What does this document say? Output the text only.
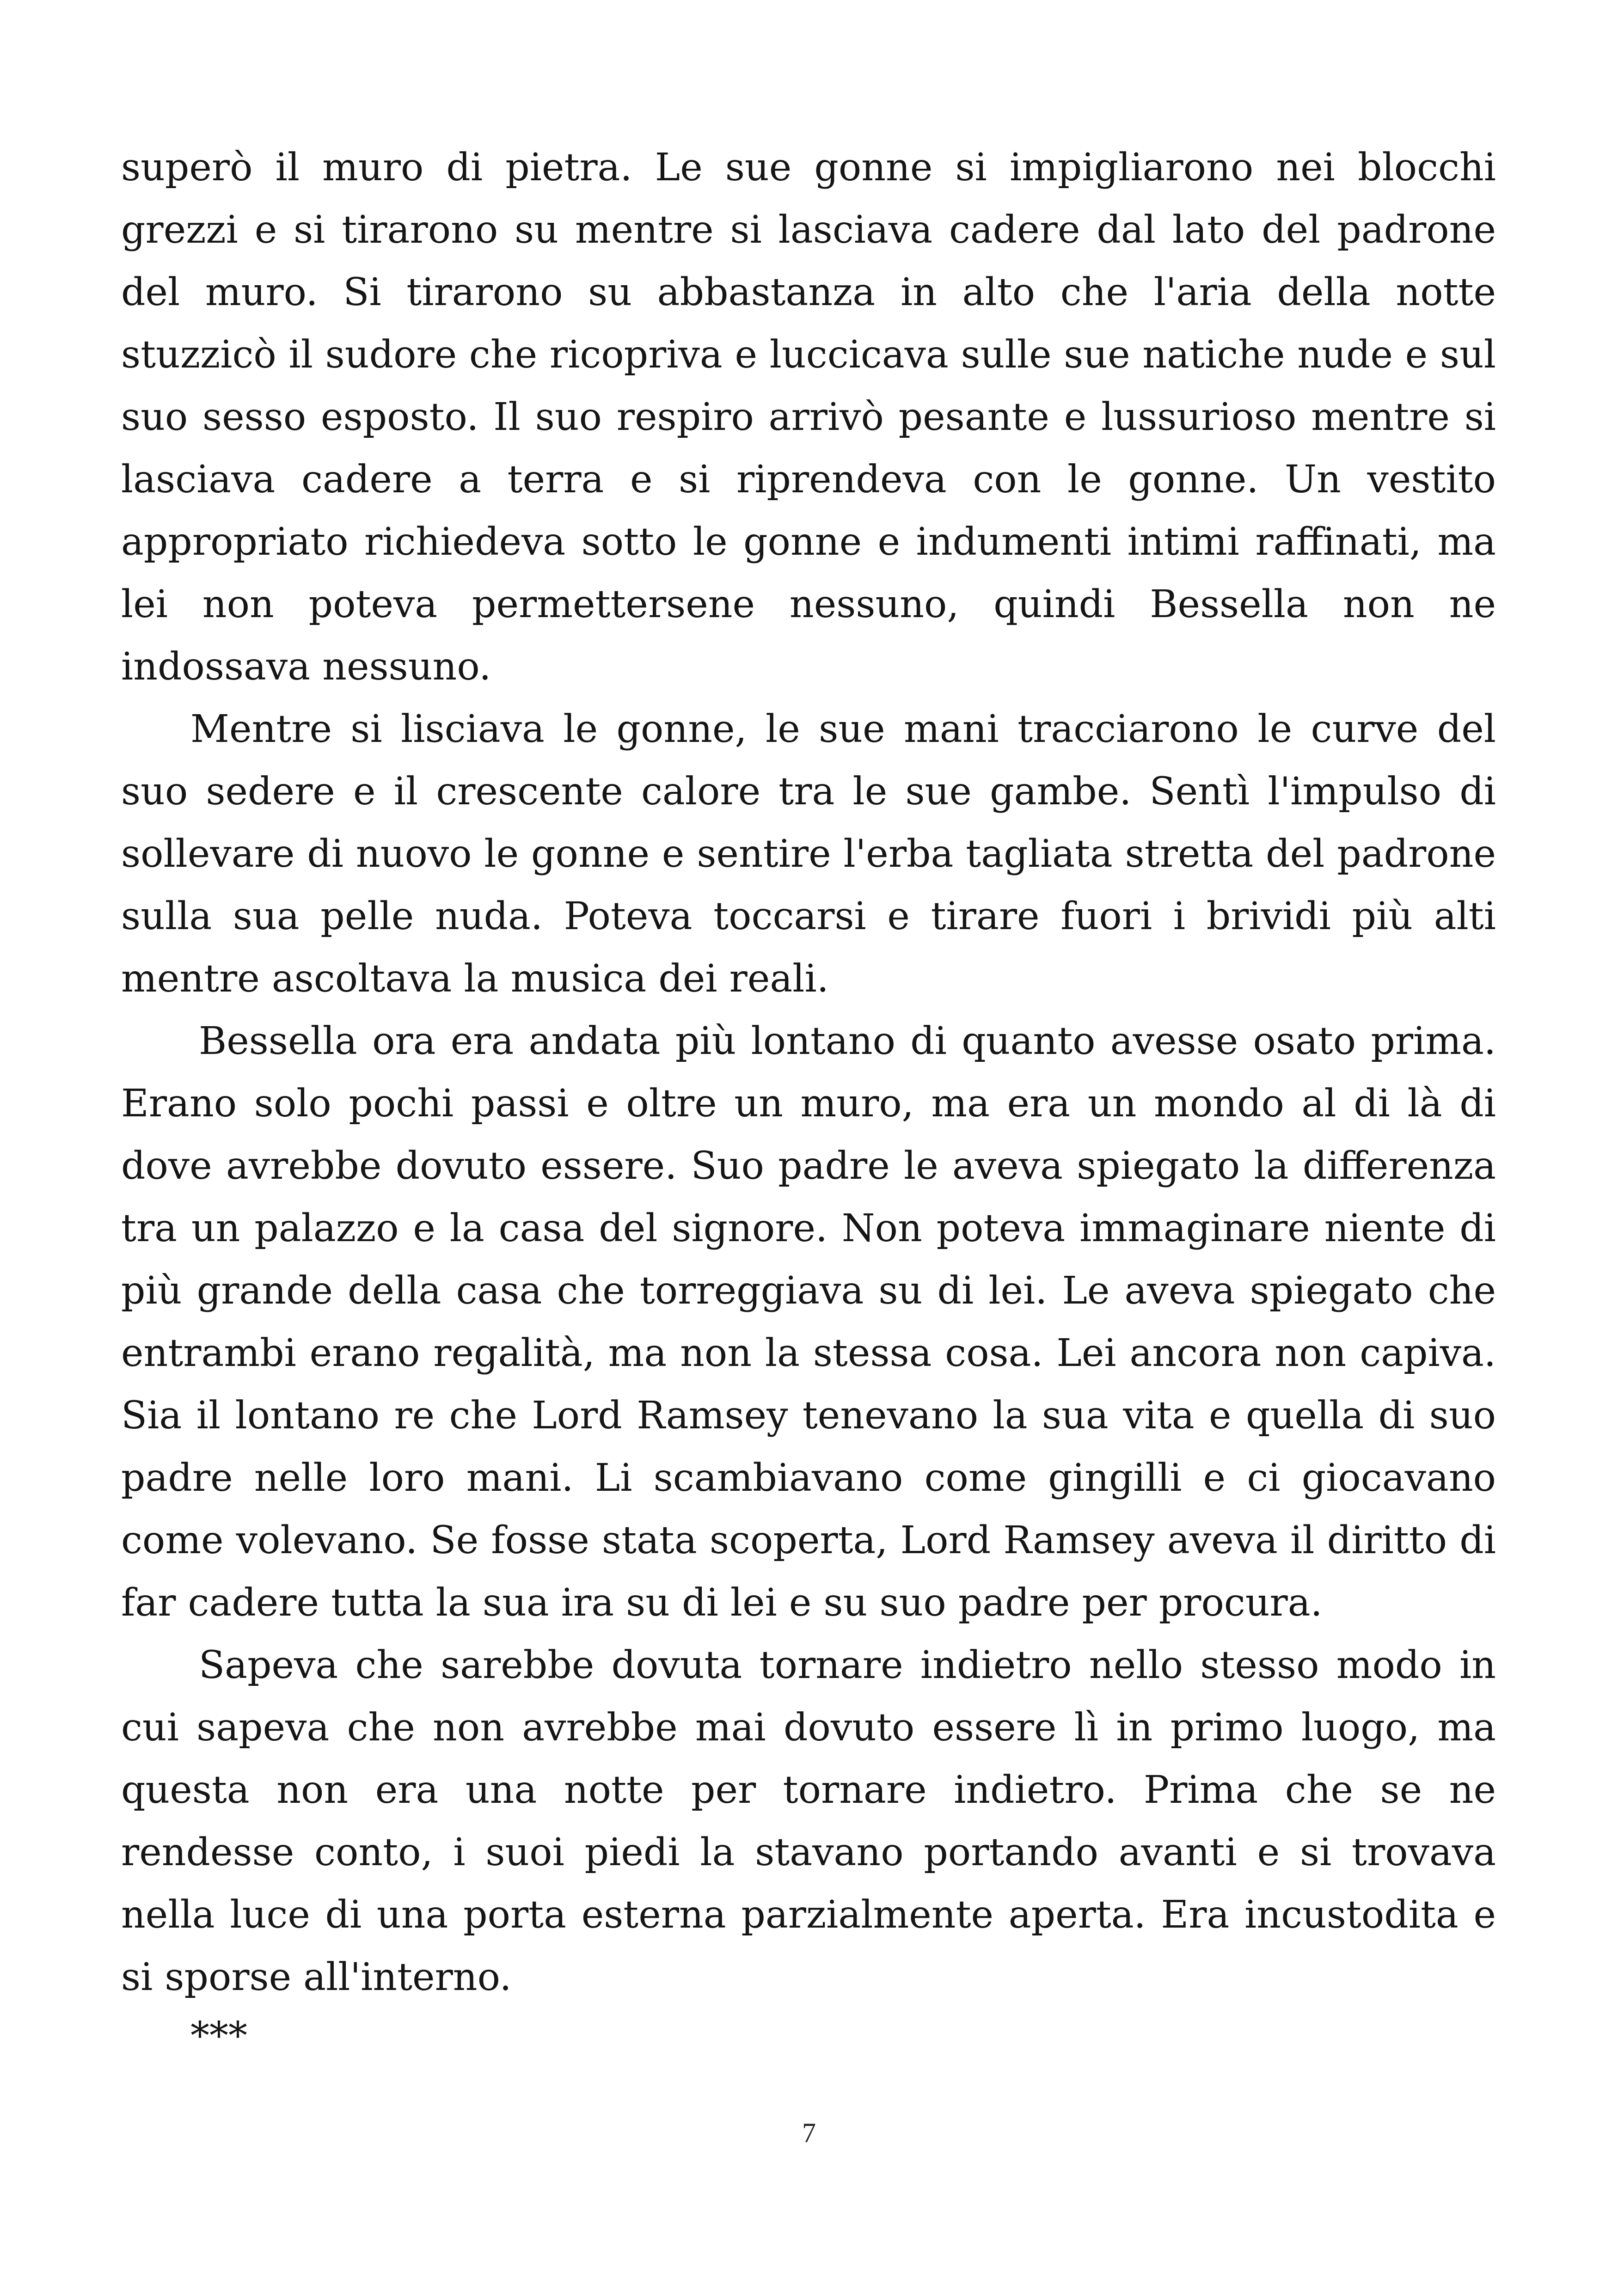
superò il muro di pietra. Le sue gonne si impigliarono nei blocchi grezzi e si tirarono su mentre si lasciava cadere dal lato del padrone del muro. Si tirarono su abbastanza in alto che l'aria della notte stuzzicò il sudore che ricopriva e luccicava sulle sue natiche nude e sul suo sesso esposto. Il suo respiro arrivò pesante e lussurioso mentre si lasciava cadere a terra e si riprendeva con le gonne. Un vestito appropriato richiedeva sotto le gonne e indumenti intimi raffinati, ma lei non poteva permettersene nessuno, quindi Bessella non ne indossava nessuno.

Mentre si lisciava le gonne, le sue mani tracciarono le curve del suo sedere e il crescente calore tra le sue gambe. Sentì l'impulso di sollevare di nuovo le gonne e sentire l'erba tagliata stretta del padrone sulla sua pelle nuda. Poteva toccarsi e tirare fuori i brividi più alti mentre ascoltava la musica dei reali.

Bessella ora era andata più lontano di quanto avesse osato prima. Erano solo pochi passi e oltre un muro, ma era un mondo al di là di dove avrebbe dovuto essere. Suo padre le aveva spiegato la differenza tra un palazzo e la casa del signore. Non poteva immaginare niente di più grande della casa che torreggiava su di lei. Le aveva spiegato che entrambi erano regalità, ma non la stessa cosa. Lei ancora non capiva. Sia il lontano re che Lord Ramsey tenevano la sua vita e quella di suo padre nelle loro mani. Li scambiavano come gingilli e ci giocavano come volevano. Se fosse stata scoperta, Lord Ramsey aveva il diritto di far cadere tutta la sua ira su di lei e su suo padre per procura.

Sapeva che sarebbe dovuta tornare indietro nello stesso modo in cui sapeva che non avrebbe mai dovuto essere lì in primo luogo, ma questa non era una notte per tornare indietro. Prima che se ne rendesse conto, i suoi piedi la stavano portando avanti e si trovava nella luce di una porta esterna parzialmente aperta. Era incustodita e si sporse all'interno.

***

7
